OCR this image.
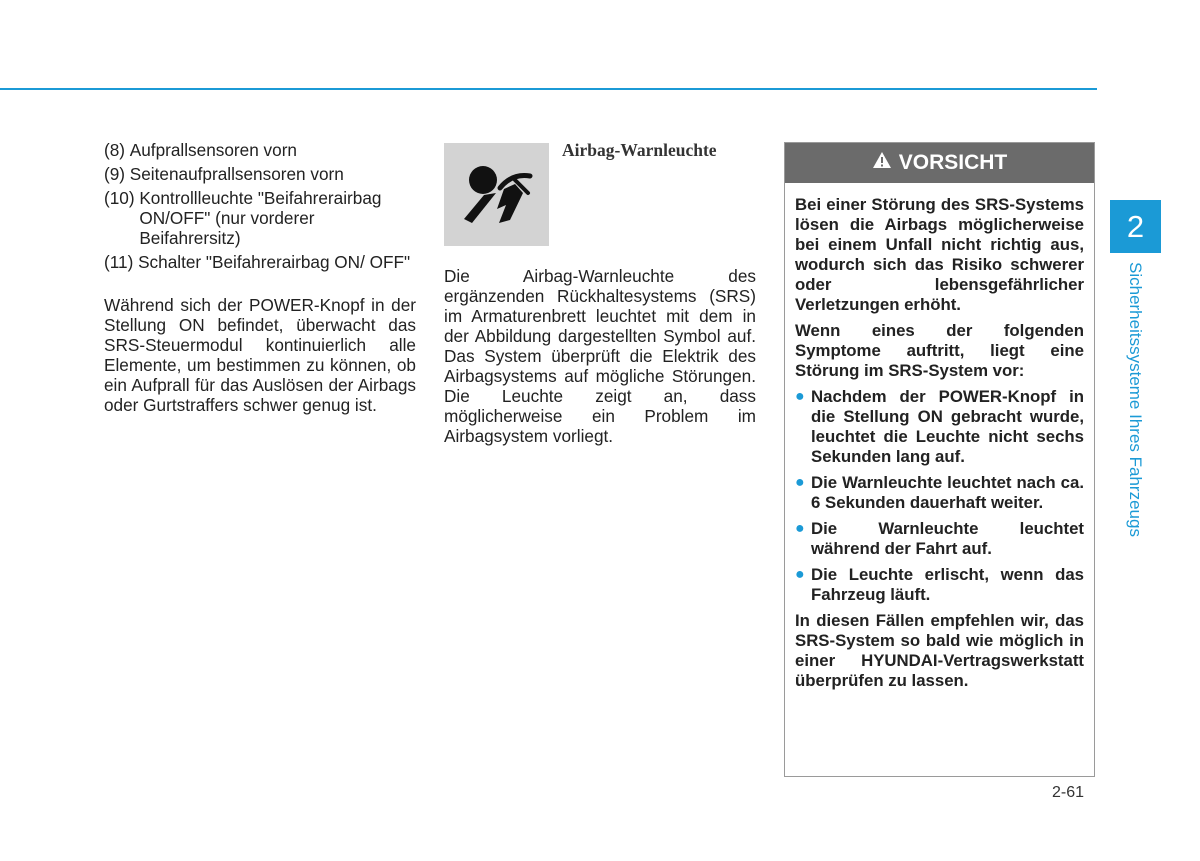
(8) Aufprallsensoren vorn
(9) Seitenaufprallsensoren vorn
(10) Kontrollleuchte "Beifahrerairbag ON/OFF" (nur vorderer Beifahrersitz)
(11) Schalter "Beifahrerairbag ON/ OFF"

Während sich der POWER-Knopf in der Stellung ON befindet, überwacht das SRS-Steuermodul kontinuierlich alle Elemente, um bestimmen zu können, ob ein Aufprall für das Auslösen der Airbags oder Gurtstraffers schwer genug ist.

Airbag-Warnleuchte

Die Airbag-Warnleuchte des ergänzenden Rückhaltesystems (SRS) im Armaturenbrett leuchtet mit dem in der Abbildung dargestellten Symbol auf. Das System überprüft die Elektrik des Airbagsystems auf mögliche Störungen. Die Leuchte zeigt an, dass möglicherweise ein Problem im Airbagsystem vorliegt.

VORSICHT

Bei einer Störung des SRS-Systems lösen die Airbags möglicherweise bei einem Unfall nicht richtig aus, wodurch sich das Risiko schwerer oder lebensgefährlicher Verletzungen erhöht.

Wenn eines der folgenden Symptome auftritt, liegt eine Störung im SRS-System vor:

● Nachdem der POWER-Knopf in die Stellung ON gebracht wurde, leuchtet die Leuchte nicht sechs Sekunden lang auf.
● Die Warnleuchte leuchtet nach ca. 6 Sekunden dauerhaft weiter.
● Die Warnleuchte leuchtet während der Fahrt auf.
● Die Leuchte erlischt, wenn das Fahrzeug läuft.

In diesen Fällen empfehlen wir, das SRS-System so bald wie möglich in einer HYUNDAI-Vertragswerkstatt überprüfen zu lassen.

2
Sicherheitssysteme Ihres Fahrzeugs
2-61
